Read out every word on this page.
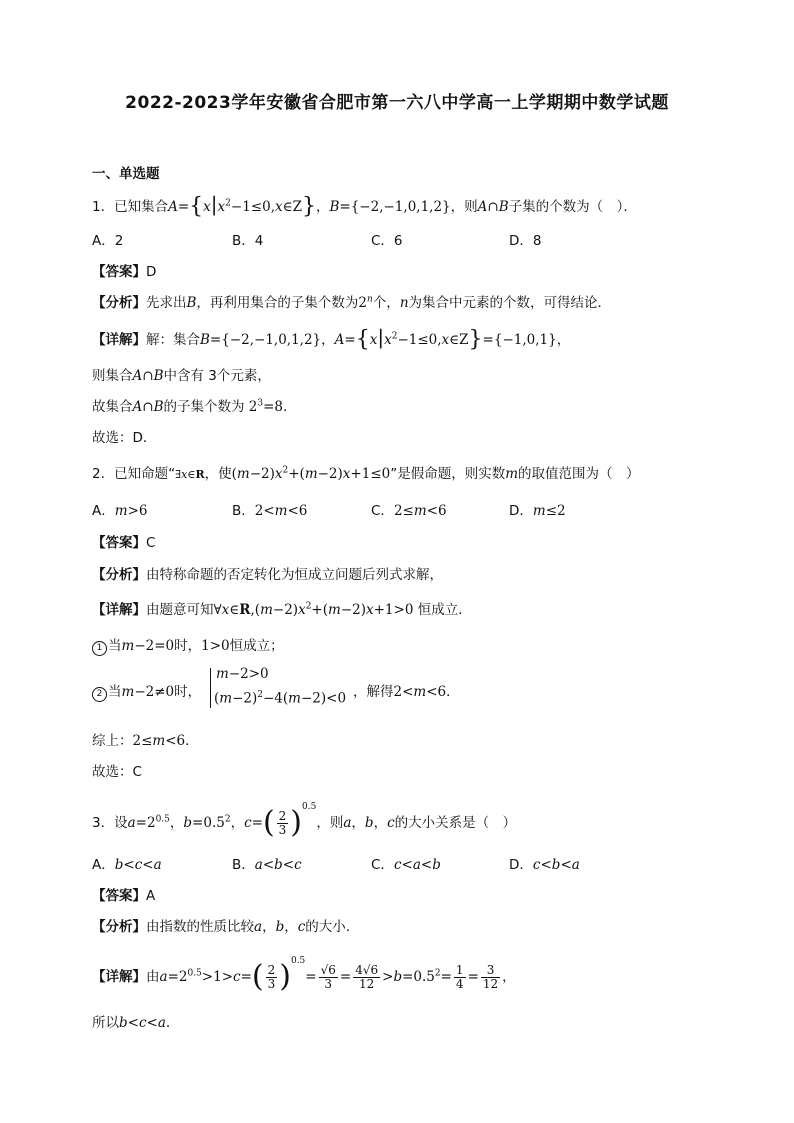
2022-2023学年安徽省合肥市第一六八中学高一上学期期中数学试题
一、单选题
1．已知集合$A=\{x|x^2-1\le 0,x\in Z\}$，B={−2,−1,0,1,2}，则A∩B子集的个数为（　）．
A．2	B．4	C．6	D．8
【答案】D
【分析】先求出B，再利用集合的子集个数为2$^n$个，n为集合中元素的个数，可得结论．
【详解】解：集合B={−2,−1,0,1,2}，$A=\{x|x^2-1\le 0,x\in Z\}=\{-1,0,1\}$，
则集合A∩B中含有 3个元素，
故集合A∩B的子集个数为 $2^3=8$．
故选：D．
2．已知命题“∃x∈R，使$(m-2)x^2+(m-2)x+1\le 0$”是假命题，则实数m的取值范围为（　）
A．m>6	B．2<m<6	C．2≤m<6	D．m≤2
【答案】C
【分析】由特称命题的否定转化为恒成立问题后列式求解，
【详解】由题意可知$\forall x\in R,(m-2)x^2+(m-2)x+1>0$ 恒成立．
1 当m−2=0时，1>0恒成立；
2 当m−2≠0时，
m−2>0
$(m-2)^2-4(m-2)<0$ ，解得2<m<6．
综上：2≤m<6．
故选：C
3．设$a=2^{0.5}$，$b=0.5^2$，$c=( \frac{2}{3} )^{0.5}$，则a，b，c的大小关系是（　）
A．b<c<a	B．a<b<c	C．c<a<b	D．c<b<a
【答案】A
【分析】由指数的性质比较a，b，c的大小.
【详解】由$a=2^{0.5}>1>c=( \frac{2}{3} )^{0.5}= \frac{√6}{3} = \frac{4√6}{12} >b=0.5^2= \frac{1}{4} = \frac{3}{12}$ ，
所以b<c<a.
